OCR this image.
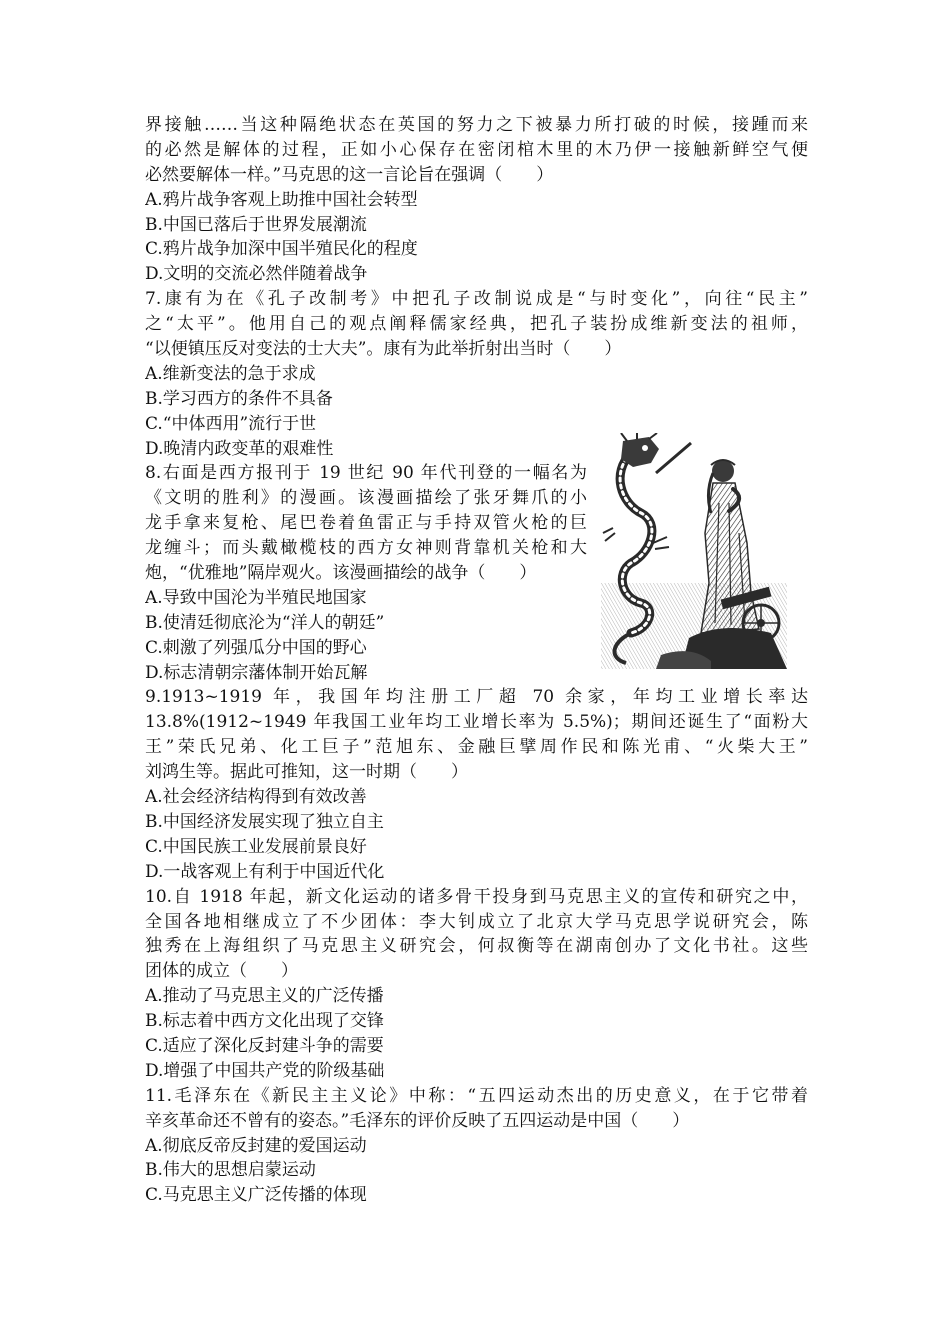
界接触……当这种隔绝状态在英国的努力之下被暴力所打破的时候，接踵而来
的必然是解体的过程，正如小心保存在密闭棺木里的木乃伊一接触新鲜空气便
必然要解体一样。”马克思的这一言论旨在强调（　　）
A.鸦片战争客观上助推中国社会转型
B.中国已落后于世界发展潮流
C.鸦片战争加深中国半殖民化的程度
D.文明的交流必然伴随着战争
7.康有为在《孔子改制考》中把孔子改制说成是“与时变化”，向往“民主”
之“太平”。他用自己的观点阐释儒家经典，把孔子装扮成维新变法的祖师，
“以便镇压反对变法的士大夫”。康有为此举折射出当时（　　）
A.维新变法的急于求成
B.学习西方的条件不具备
C.“中体西用”流行于世
D.晚清内政变革的艰难性
8.右面是西方报刊于 19 世纪 90 年代刊登的一幅名为
《文明的胜利》的漫画。该漫画描绘了张牙舞爪的小
龙手拿来复枪、尾巴卷着鱼雷正与手持双管火枪的巨
龙缠斗；而头戴橄榄枝的西方女神则背靠机关枪和大
炮，“优雅地”隔岸观火。该漫画描绘的战争（　　）
A.导致中国沦为半殖民地国家
B.使清廷彻底沦为“洋人的朝廷”
C.刺激了列强瓜分中国的野心
D.标志清朝宗藩体制开始瓦解
9.1913~1919 年，我国年均注册工厂超 70 余家，年均工业增长率达
13.8%(1912~1949 年我国工业年均工业增长率为 5.5%)；期间还诞生了“面粉大
王”荣氏兄弟、化工巨子”范旭东、金融巨擘周作民和陈光甫、“火柴大王”
刘鸿生等。据此可推知，这一时期（　　）
A.社会经济结构得到有效改善
B.中国经济发展实现了独立自主
C.中国民族工业发展前景良好
D.一战客观上有利于中国近代化
10.自 1918 年起，新文化运动的诸多骨干投身到马克思主义的宣传和研究之中，
全国各地相继成立了不少团体：李大钊成立了北京大学马克思学说研究会，陈
独秀在上海组织了马克思主义研究会，何叔衡等在湖南创办了文化书社。这些
团体的成立（　　）
A.推动了马克思主义的广泛传播
B.标志着中西方文化出现了交锋
C.适应了深化反封建斗争的需要
D.增强了中国共产党的阶级基础
11.毛泽东在《新民主主义论》中称：“五四运动杰出的历史意义，在于它带着
辛亥革命还不曾有的姿态。”毛泽东的评价反映了五四运动是中国（　　）
A.彻底反帝反封建的爱国运动
B.伟大的思想启蒙运动
C.马克思主义广泛传播的体现
